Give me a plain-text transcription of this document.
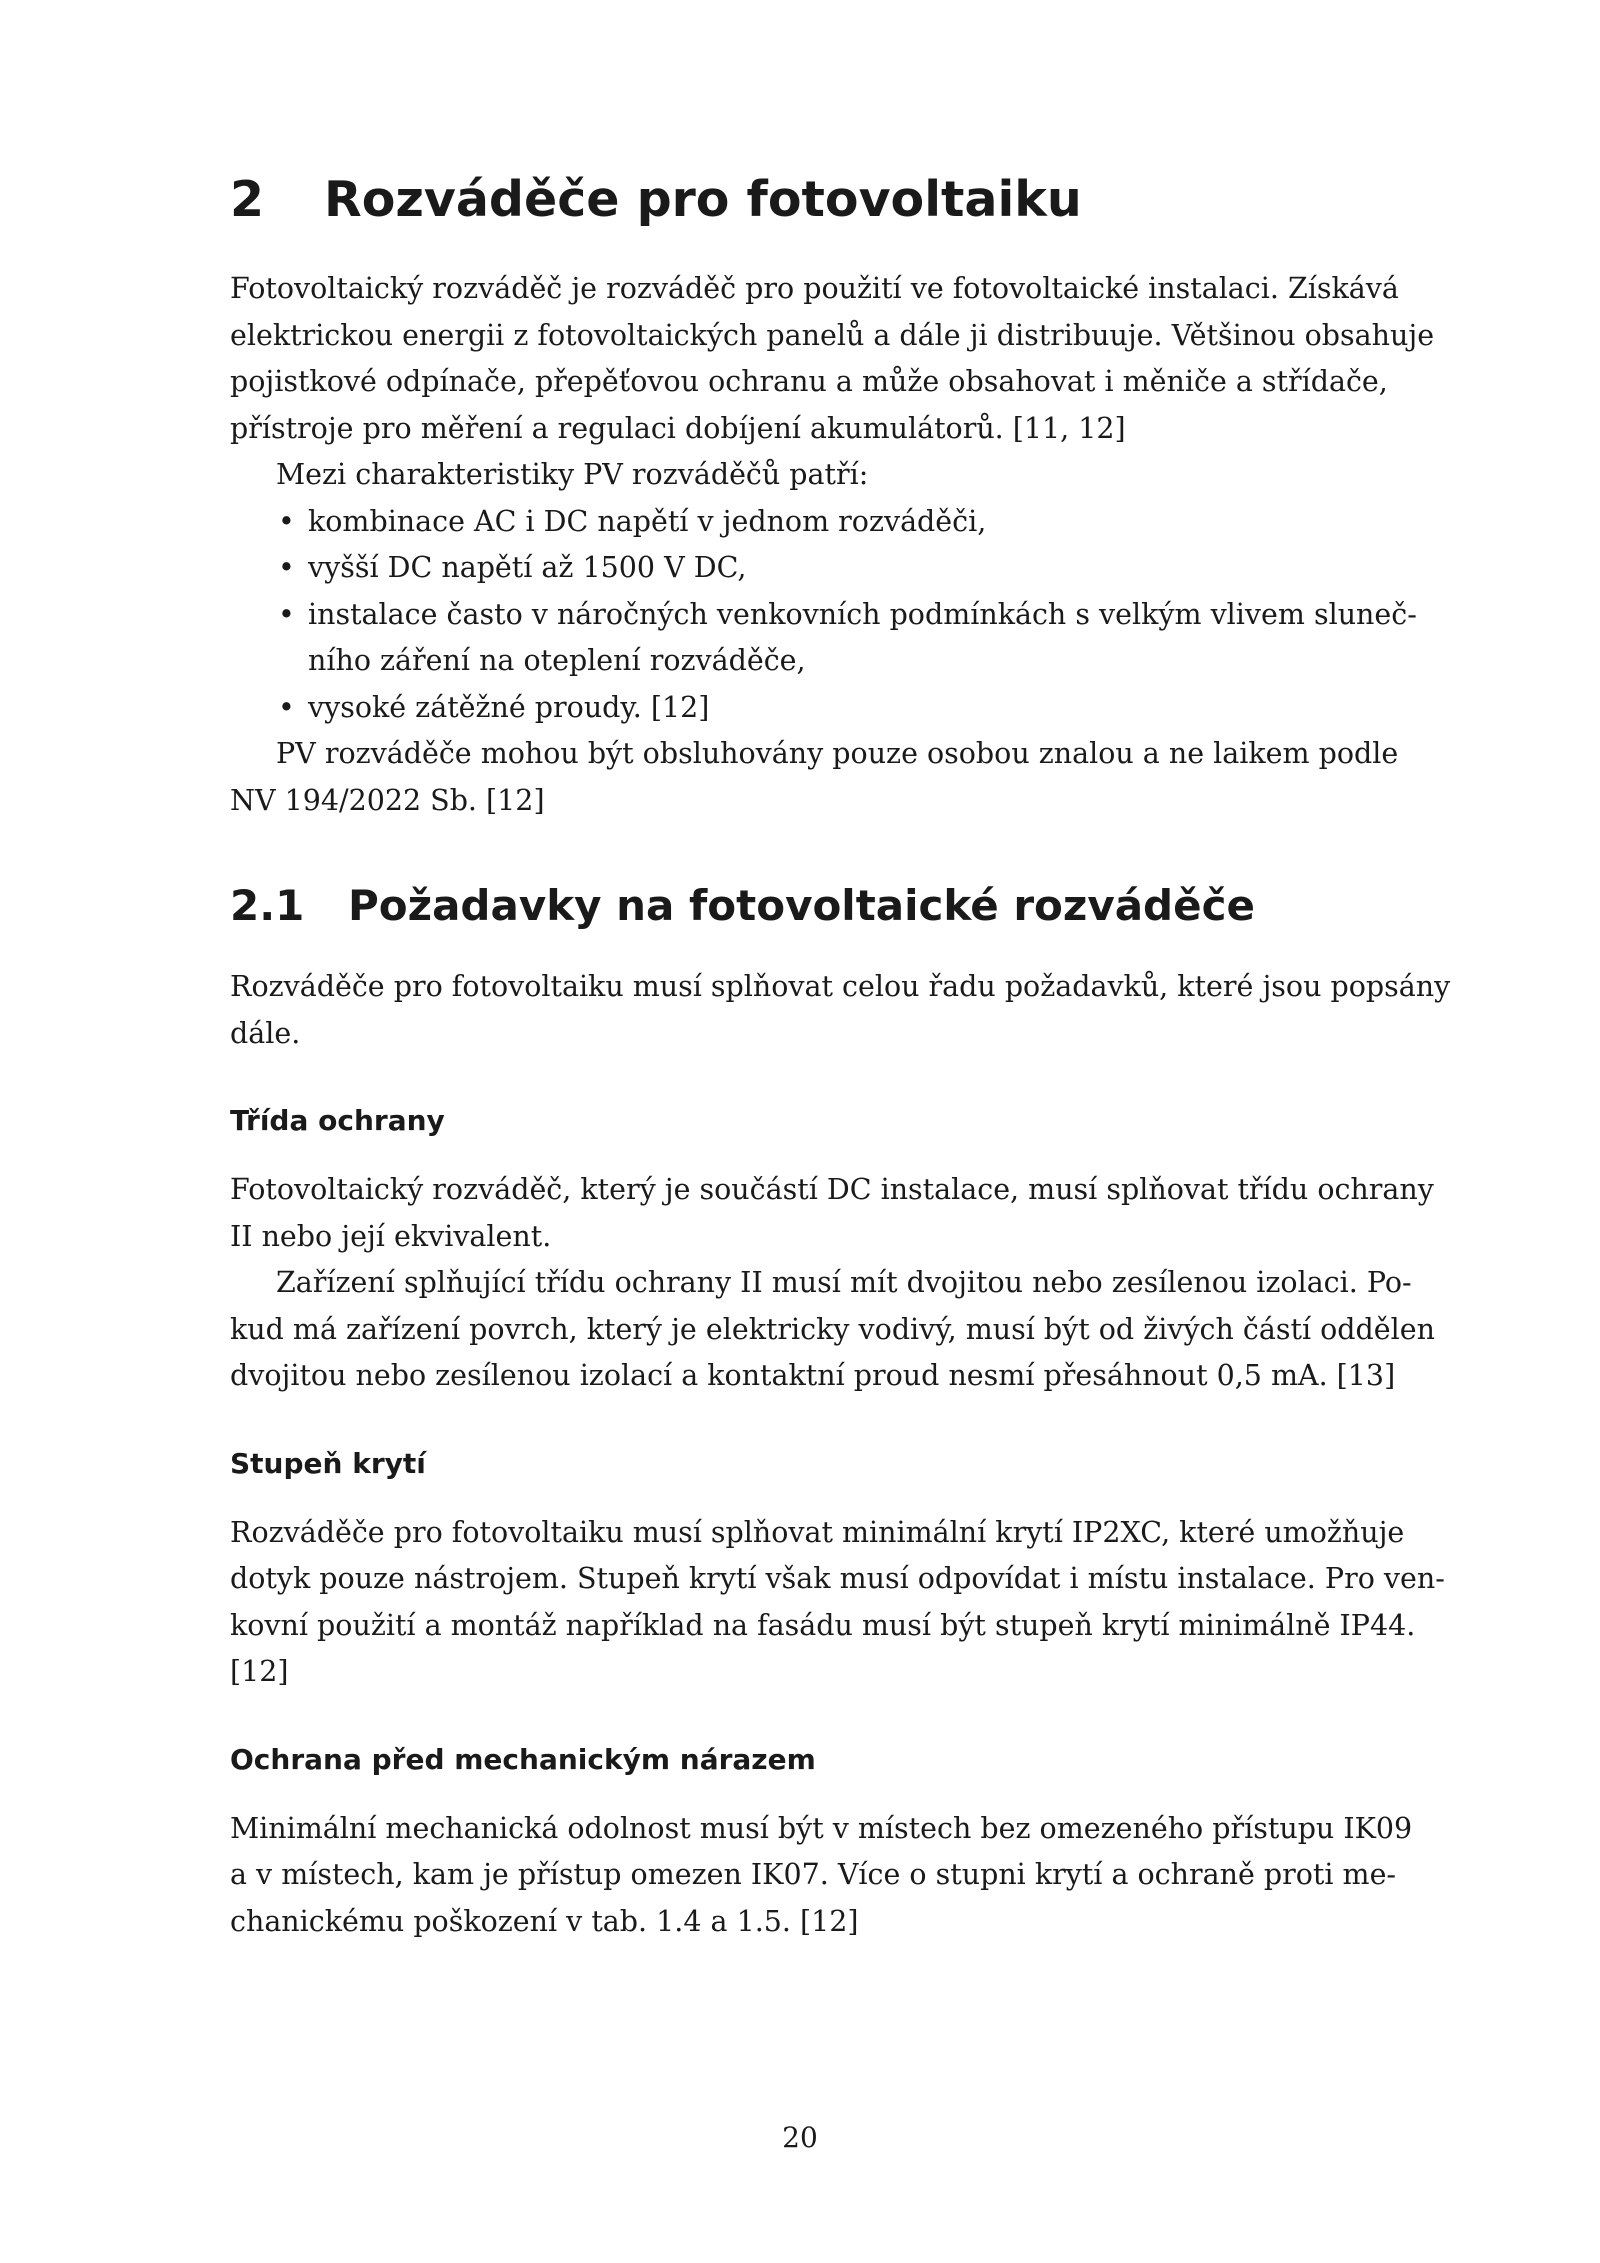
2 Rozváděče pro fotovoltaiku

Fotovoltaický rozváděč je rozváděč pro použití ve fotovoltaické instalaci. Získává
elektrickou energii z fotovoltaických panelů a dále ji distribuuje. Většinou obsahuje
pojistkové odpínače, přepěťovou ochranu a může obsahovat i měniče a střídače,
přístroje pro měření a regulaci dobíjení akumulátorů. [11, 12]

Mezi charakteristiky PV rozváděčů patří:

• kombinace AC i DC napětí v jednom rozváděči,
• vyšší DC napětí až 1500 V DC,
• instalace často v náročných venkovních podmínkách s velkým vlivem sluneč-
ního záření na oteplení rozváděče,
• vysoké zátěžné proudy. [12]

PV rozváděče mohou být obsluhovány pouze osobou znalou a ne laikem podle
NV 194/2022 Sb. [12]

2.1 Požadavky na fotovoltaické rozváděče

Rozváděče pro fotovoltaiku musí splňovat celou řadu požadavků, které jsou popsány
dále.

Třída ochrany

Fotovoltaický rozváděč, který je součástí DC instalace, musí splňovat třídu ochrany
II nebo její ekvivalent.

Zařízení splňující třídu ochrany II musí mít dvojitou nebo zesílenou izolaci. Po-
kud má zařízení povrch, který je elektricky vodivý, musí být od živých částí oddělen
dvojitou nebo zesílenou izolací a kontaktní proud nesmí přesáhnout 0,5 mA. [13]

Stupeň krytí

Rozváděče pro fotovoltaiku musí splňovat minimální krytí IP2XC, které umožňuje
dotyk pouze nástrojem. Stupeň krytí však musí odpovídat i místu instalace. Pro ven-
kovní použití a montáž například na fasádu musí být stupeň krytí minimálně IP44.
[12]

Ochrana před mechanickým nárazem

Minimální mechanická odolnost musí být v místech bez omezeného přístupu IK09
a v místech, kam je přístup omezen IK07. Více o stupni krytí a ochraně proti me-
chanickému poškození v tab. 1.4 a 1.5. [12]

20
